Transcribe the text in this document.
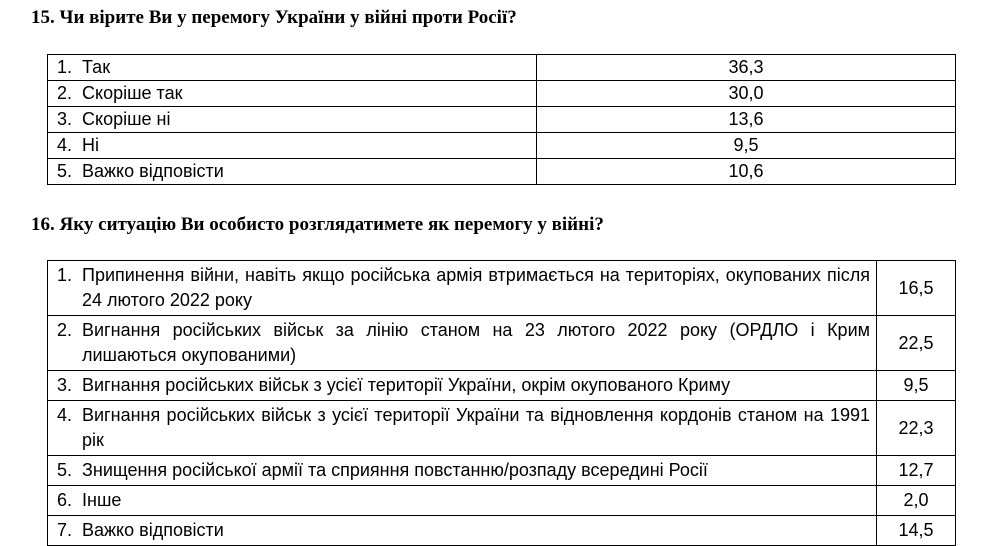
15. Чи вірите Ви у перемогу України у війні проти Росії?
1. Так	36,3

2. Скоріше так	30,0

3. Скоріше ні	13,6

4. Ні	9,5

5. Важко відповісти	10,6
16. Яку ситуацію Ви особисто розглядатимете як перемогу у війні?
1. Припинення війни, навіть якщо російська армія втримається на територіях, окупованих після 24 лютого 2022 року	16,5

2. Вигнання російських військ за лінію станом на 23 лютого 2022 року (ОРДЛО і Крим лишаються окупованими)	22,5

3. Вигнання російських військ з усієї території України, окрім окупованого Криму	9,5

4. Вигнання російських військ з усієї території України та відновлення кордонів станом на 1991 рік	22,3

5. Знищення російської армії та сприяння повстанню/розпаду всередині Росії	12,7

6. Інше	2,0

7. Важко відповісти	14,5
